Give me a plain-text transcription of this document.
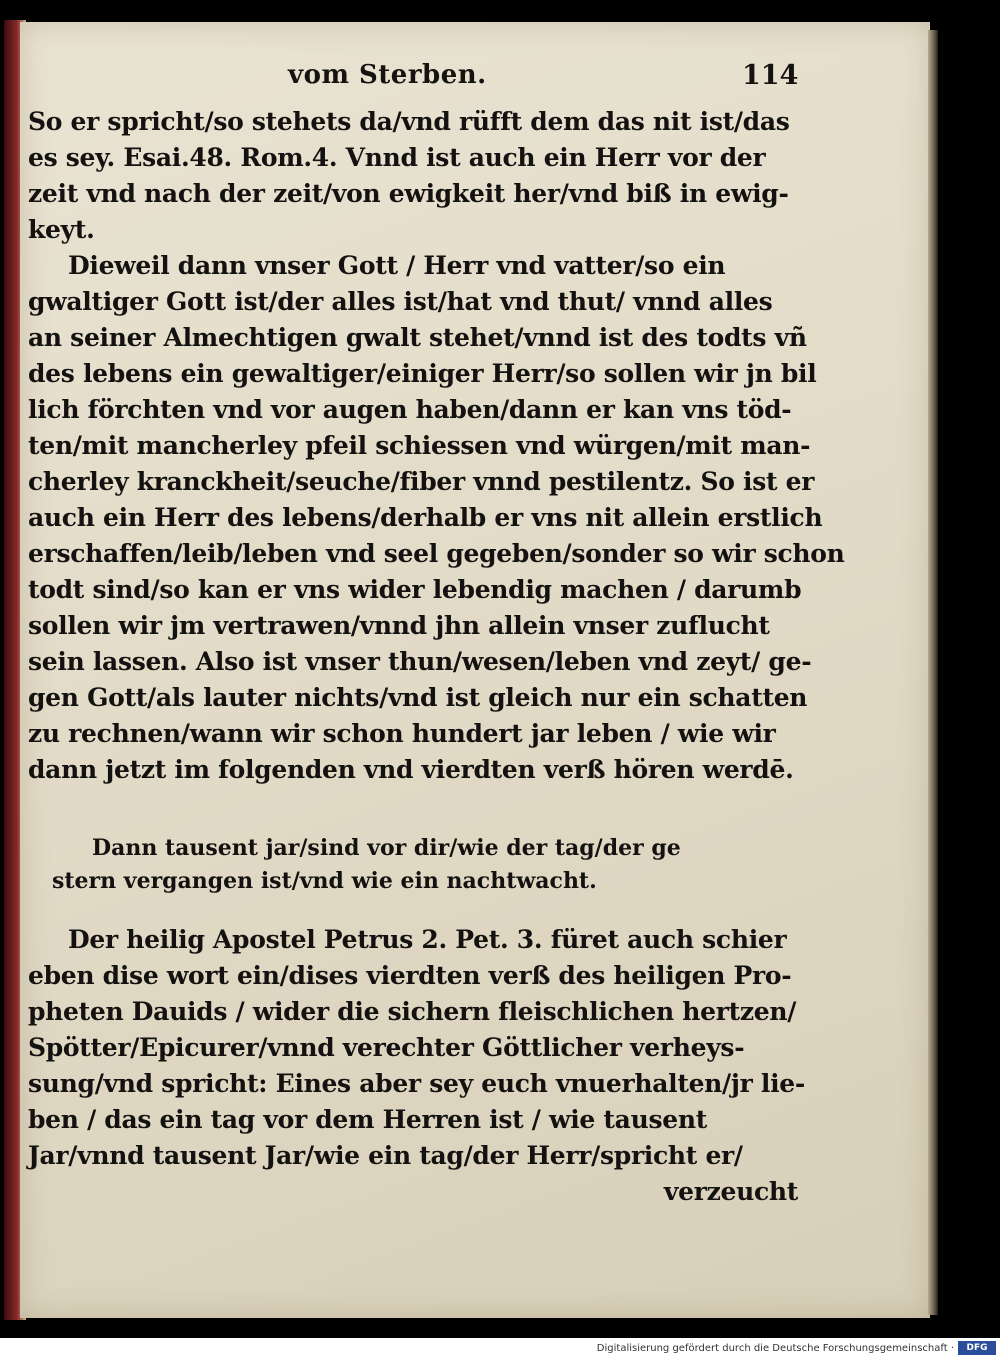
vom Sterben.	114
So er spricht/so stehets da/vnd rüfft dem das nit ist/das
es sey. Esai.48. Rom.4. Vnnd ist auch ein Herr vor der
zeit vnd nach der zeit/von ewigkeit her/vnd biß in ewig-
keyt.
Dieweil dann vnser Gott / Herr vnd vatter/so ein
gwaltiger Gott ist/der alles ist/hat vnd thut/ vnnd alles
an seiner Almechtigen gwalt stehet/vnnd ist des todts vñ
des lebens ein gewaltiger/einiger Herr/so sollen wir jn bil
lich förchten vnd vor augen haben/dann er kan vns töd-
ten/mit mancherley pfeil schiessen vnd würgen/mit man-
cherley kranckheit/seuche/fiber vnnd pestilentz. So ist er
auch ein Herr des lebens/derhalb er vns nit allein erstlich
erschaffen/leib/leben vnd seel gegeben/sonder so wir schon
todt sind/so kan er vns wider lebendig machen / darumb
sollen wir jm vertrawen/vnnd jhn allein vnser zuflucht
sein lassen. Also ist vnser thun/wesen/leben vnd zeyt/ ge-
gen Gott/als lauter nichts/vnd ist gleich nur ein schatten
zu rechnen/wann wir schon hundert jar leben / wie wir
dann jetzt im folgenden vnd vierdten verß hören werdē.
Dann tausent jar/sind vor dir/wie der tag/der ge
stern vergangen ist/vnd wie ein nachtwacht.
Der heilig Apostel Petrus 2. Pet. 3. füret auch schier
eben dise wort ein/dises vierdten verß des heiligen Pro-
pheten Dauids / wider die sichern fleischlichen hertzen/
Spötter/Epicurer/vnnd verechter Göttlicher verheys-
sung/vnd spricht: Eines aber sey euch vnuerhalten/jr lie-
ben / das ein tag vor dem Herren ist / wie tausent
Jar/vnnd tausent Jar/wie ein tag/der Herr/spricht er/
verzeucht
Digitalisierung gefördert durch die Deutsche Forschungsgemeinschaft ·	DFG
